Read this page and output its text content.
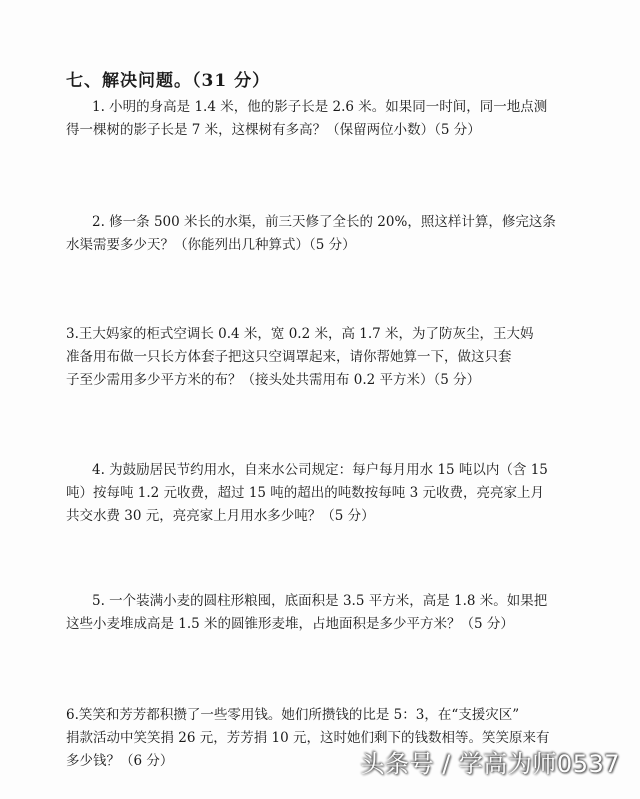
七、解决问题。（31 分）
1. 小明的身高是 1.4 米，他的影子长是 2.6 米。如果同一时间，同一地点测
得一棵树的影子长是 7 米，这棵树有多高？（保留两位小数）（5 分）
2. 修一条 500 米长的水渠，前三天修了全长的 20%，照这样计算，修完这条
水渠需要多少天？（你能列出几种算式）（5 分）
3.王大妈家的柜式空调长 0.4 米，宽 0.2 米，高 1.7 米，为了防灰尘，王大妈
准备用布做一只长方体套子把这只空调罩起来，请你帮她算一下，做这只套
子至少需用多少平方米的布？（接头处共需用布 0.2 平方米）（5 分）
4. 为鼓励居民节约用水，自来水公司规定：每户每月用水 15 吨以内（含 15
吨）按每吨 1.2 元收费，超过 15 吨的超出的吨数按每吨 3 元收费，亮亮家上月
共交水费 30 元，亮亮家上月用水多少吨？（5 分）
5. 一个装满小麦的圆柱形粮囤，底面积是 3.5 平方米，高是 1.8 米。如果把
这些小麦堆成高是 1.5 米的圆锥形麦堆，占地面积是多少平方米？（5 分）
6.笑笑和芳芳都积攒了一些零用钱。她们所攒钱的比是 5：3，在“支援灾区”
捐款活动中笑笑捐 26 元，芳芳捐 10 元，这时她们剩下的钱数相等。笑笑原来有
多少钱？（6 分）	头条号 / 学高为师0537
